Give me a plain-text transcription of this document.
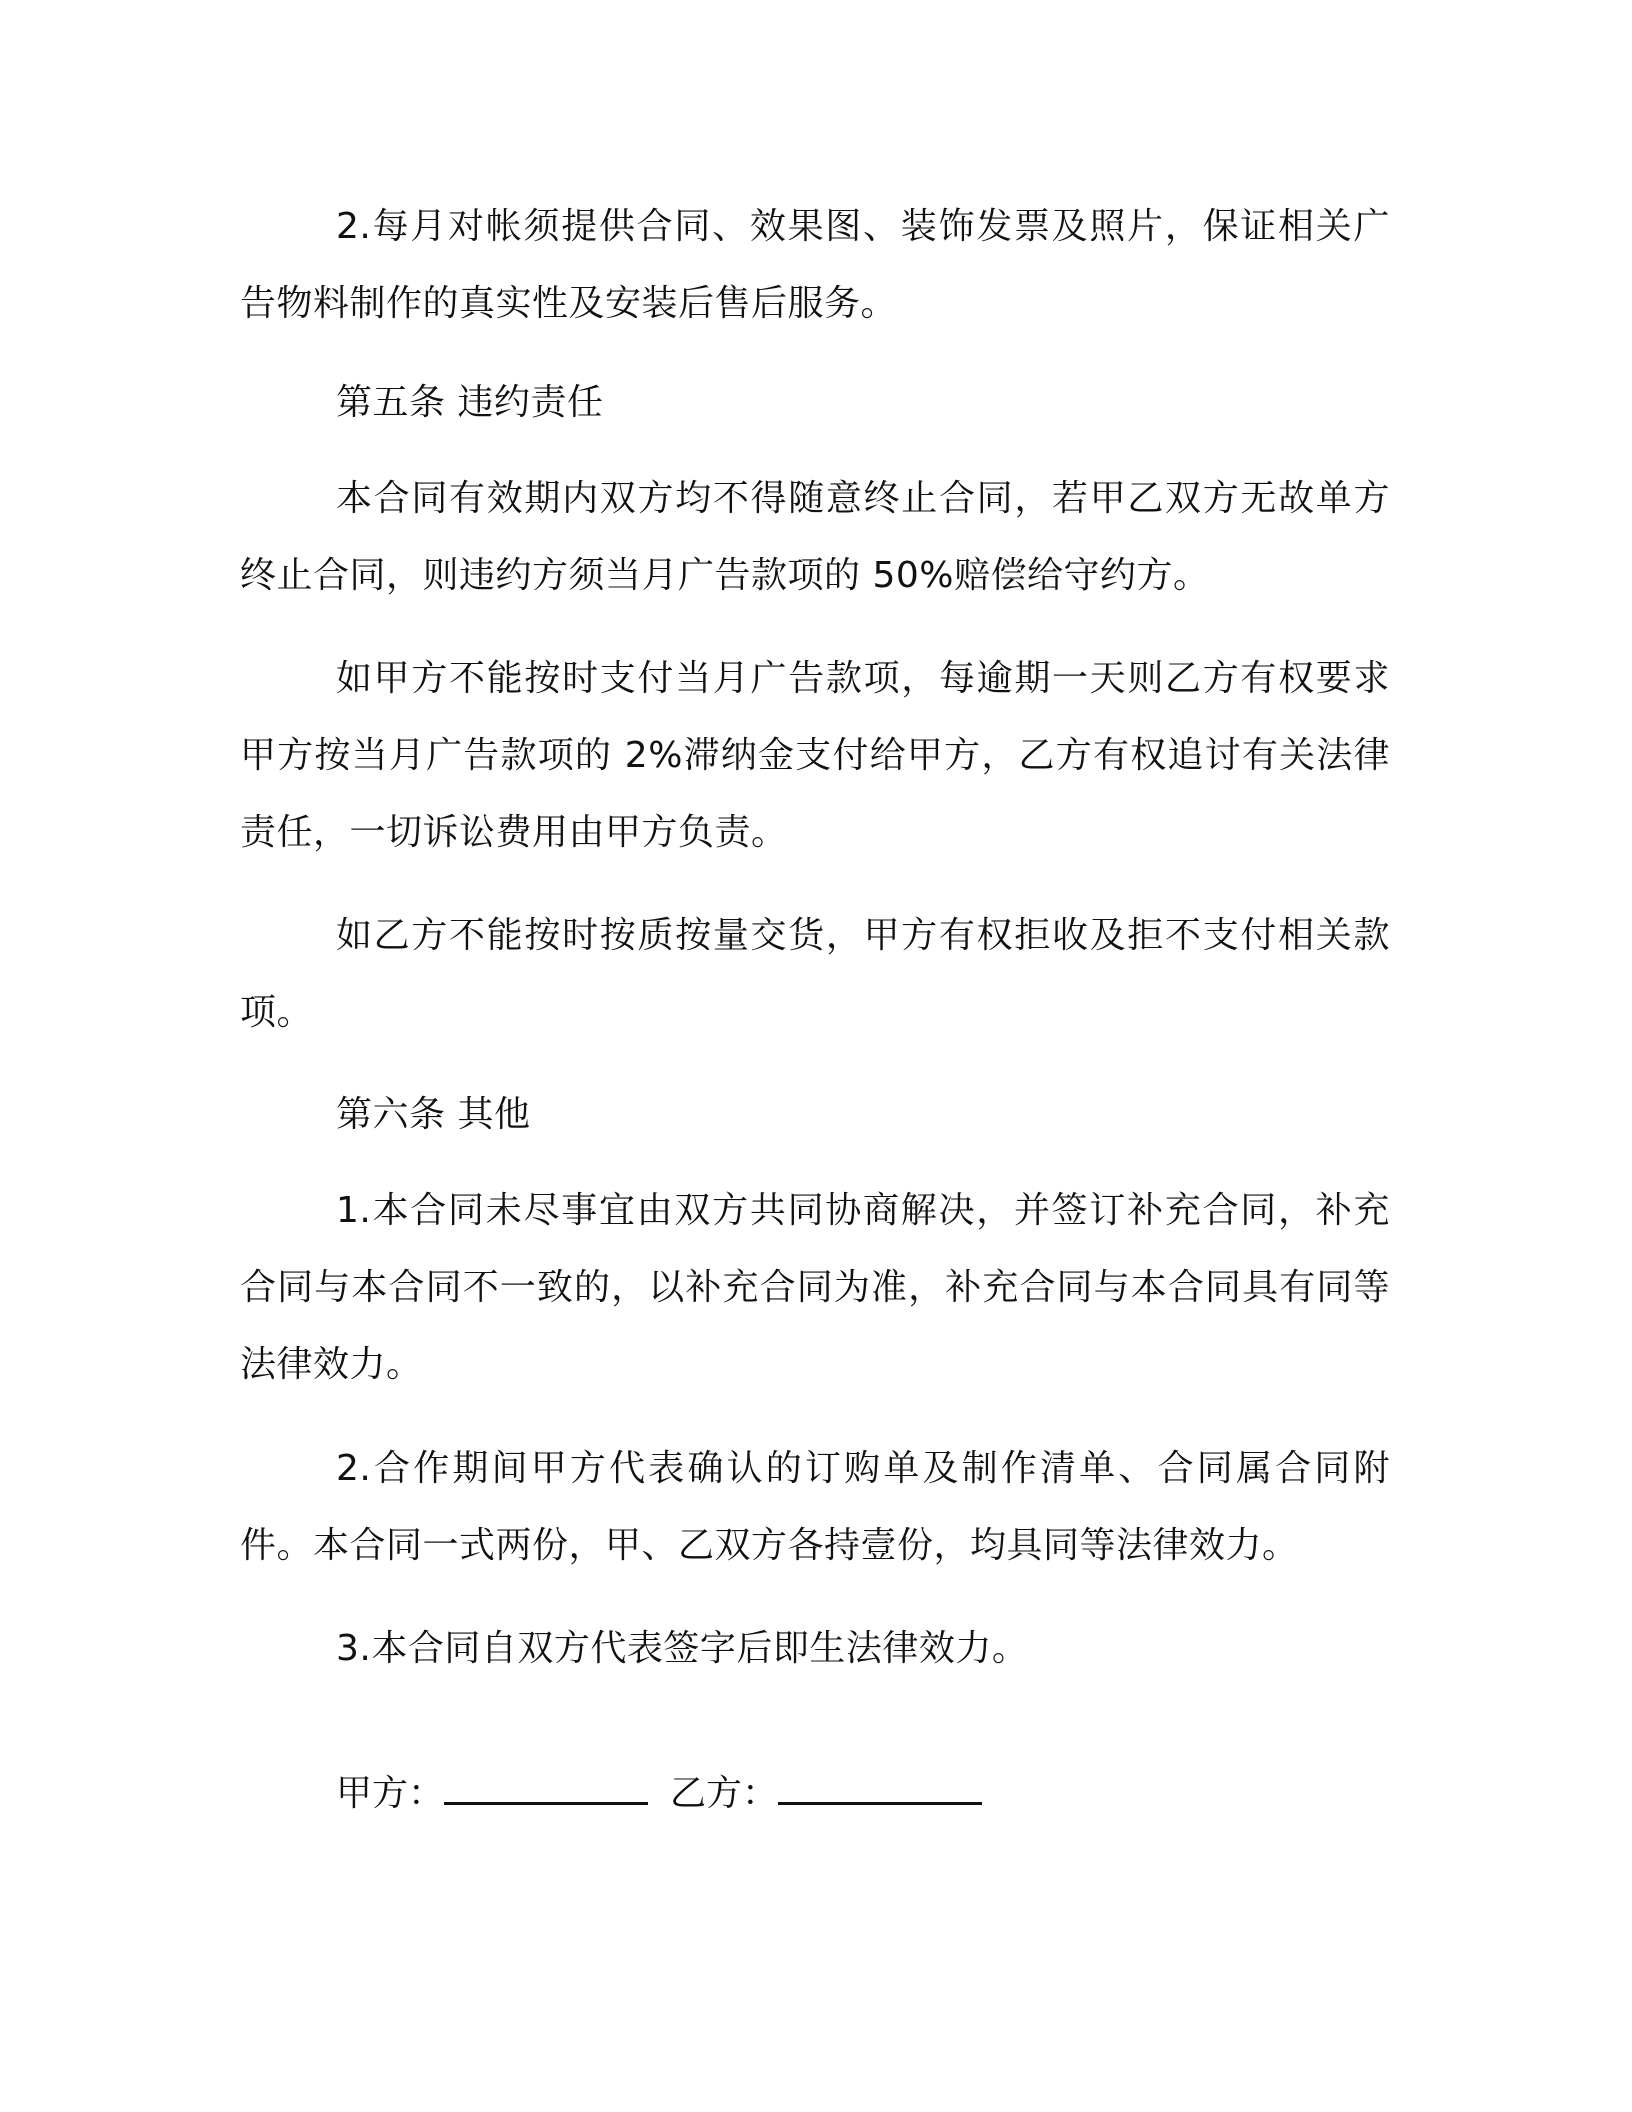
2.每月对帐须提供合同、效果图、装饰发票及照片，保证相关广告物料制作的真实性及安装后售后服务。

第五条 违约责任

本合同有效期内双方均不得随意终止合同，若甲乙双方无故单方终止合同，则违约方须当月广告款项的 50%赔偿给守约方。

如甲方不能按时支付当月广告款项，每逾期一天则乙方有权要求甲方按当月广告款项的 2%滞纳金支付给甲方，乙方有权追讨有关法律责任，一切诉讼费用由甲方负责。

如乙方不能按时按质按量交货，甲方有权拒收及拒不支付相关款项。

第六条 其他

1.本合同未尽事宜由双方共同协商解决，并签订补充合同，补充合同与本合同不一致的，以补充合同为准，补充合同与本合同具有同等法律效力。

2.合作期间甲方代表确认的订购单及制作清单、合同属合同附件。本合同一式两份，甲、乙双方各持壹份，均具同等法律效力。

3.本合同自双方代表签字后即生法律效力。

甲方：	乙方：
